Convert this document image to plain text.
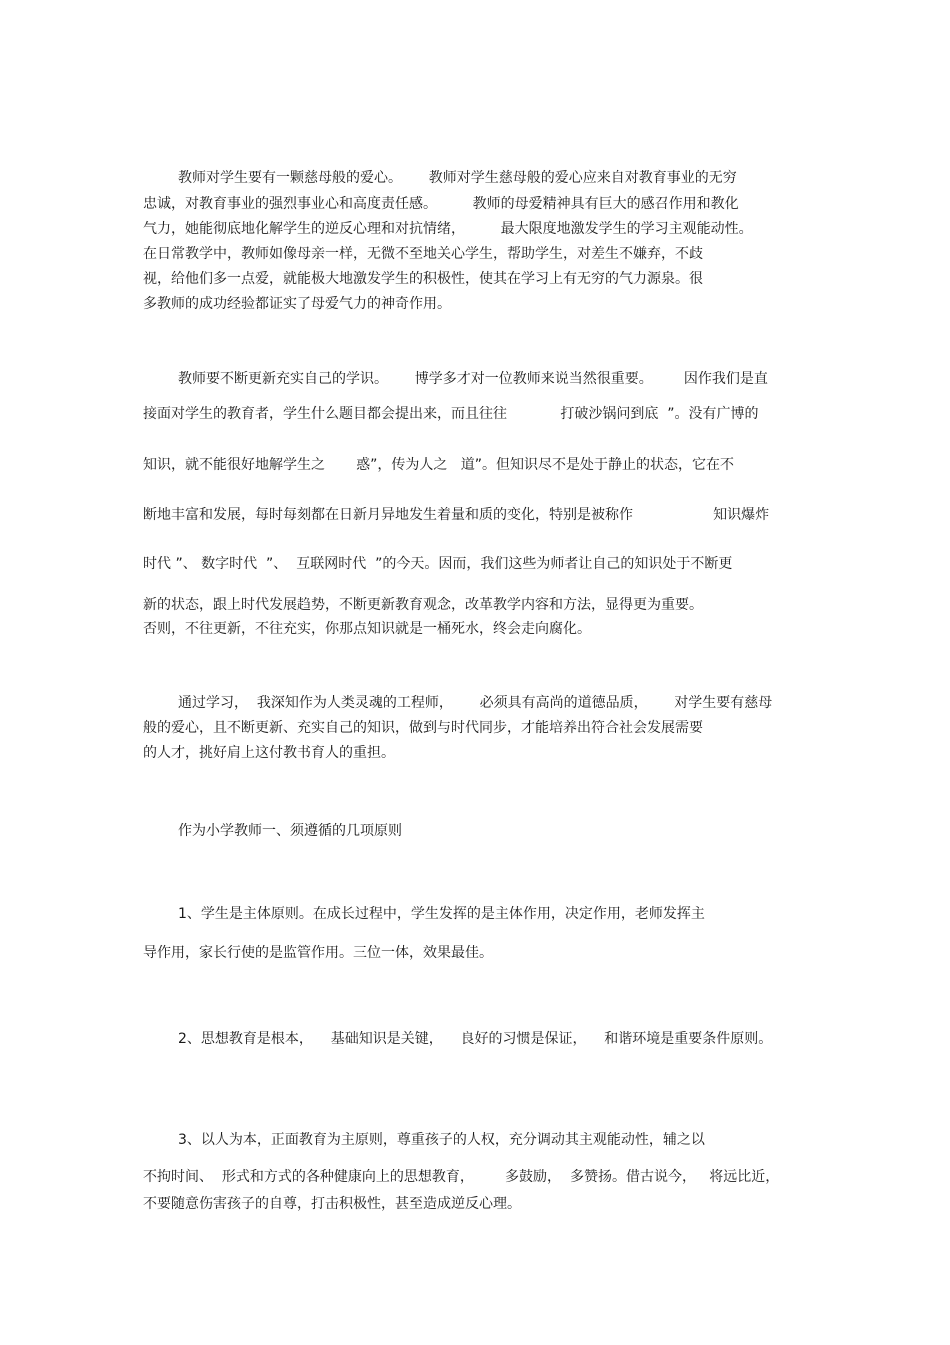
教师对学生要有一颗慈母般的爱心。      教师对学生慈母般的爱心应来自对教育事业的无穷
忠诚，对教育事业的强烈事业心和高度责任感。        教师的母爱精神具有巨大的感召作用和教化
气力，她能彻底地化解学生的逆反心理和对抗情绪，        最大限度地激发学生的学习主观能动性。
在日常教学中，教师如像母亲一样，无微不至地关心学生，帮助学生，对差生不嫌弃，不歧
视，给他们多一点爱，就能极大地激发学生的积极性，使其在学习上有无穷的气力源泉。很
多教师的成功经验都证实了母爱气力的神奇作用。
教师要不断更新充实自己的学识。      博学多才对一位教师来说当然很重要。       因作我们是直
接面对学生的教育者，学生什么题目都会提出来，而且往往            打破沙锅问到底  ”。没有广博的
知识，就不能很好地解学生之       惑”，传为人之   道”。但知识尽不是处于静止的状态，它在不
断地丰富和发展，每时每刻都在日新月异地发生着量和质的变化，特别是被称作                  知识爆炸
时代 ”、 数字时代  ”、  互联网时代  ”的今天。因而，我们这些为师者让自己的知识处于不断更
新的状态，跟上时代发展趋势，不断更新教育观念，改革教学内容和方法，显得更为重要。
否则，不往更新，不往充实，你那点知识就是一桶死水，终会走向腐化。
通过学习，  我深知作为人类灵魂的工程师，      必须具有高尚的道德品质，      对学生要有慈母
般的爱心，且不断更新、充实自己的知识，做到与时代同步，才能培养出符合社会发展需要
的人才，挑好肩上这付教书育人的重担。
作为小学教师一、须遵循的几项原则
1、学生是主体原则。在成长过程中，学生发挥的是主体作用，决定作用，老师发挥主
导作用，家长行使的是监管作用。三位一体，效果最佳。
2、思想教育是根本，    基础知识是关键，    良好的习惯是保证，    和谐环境是重要条件原则。
3、以人为本，正面教育为主原则，尊重孩子的人权，充分调动其主观能动性，辅之以
不拘时间、  形式和方式的各种健康向上的思想教育，       多鼓励，  多赞扬。借古说今，   将远比近，
不要随意伤害孩子的自尊，打击积极性，甚至造成逆反心理。
